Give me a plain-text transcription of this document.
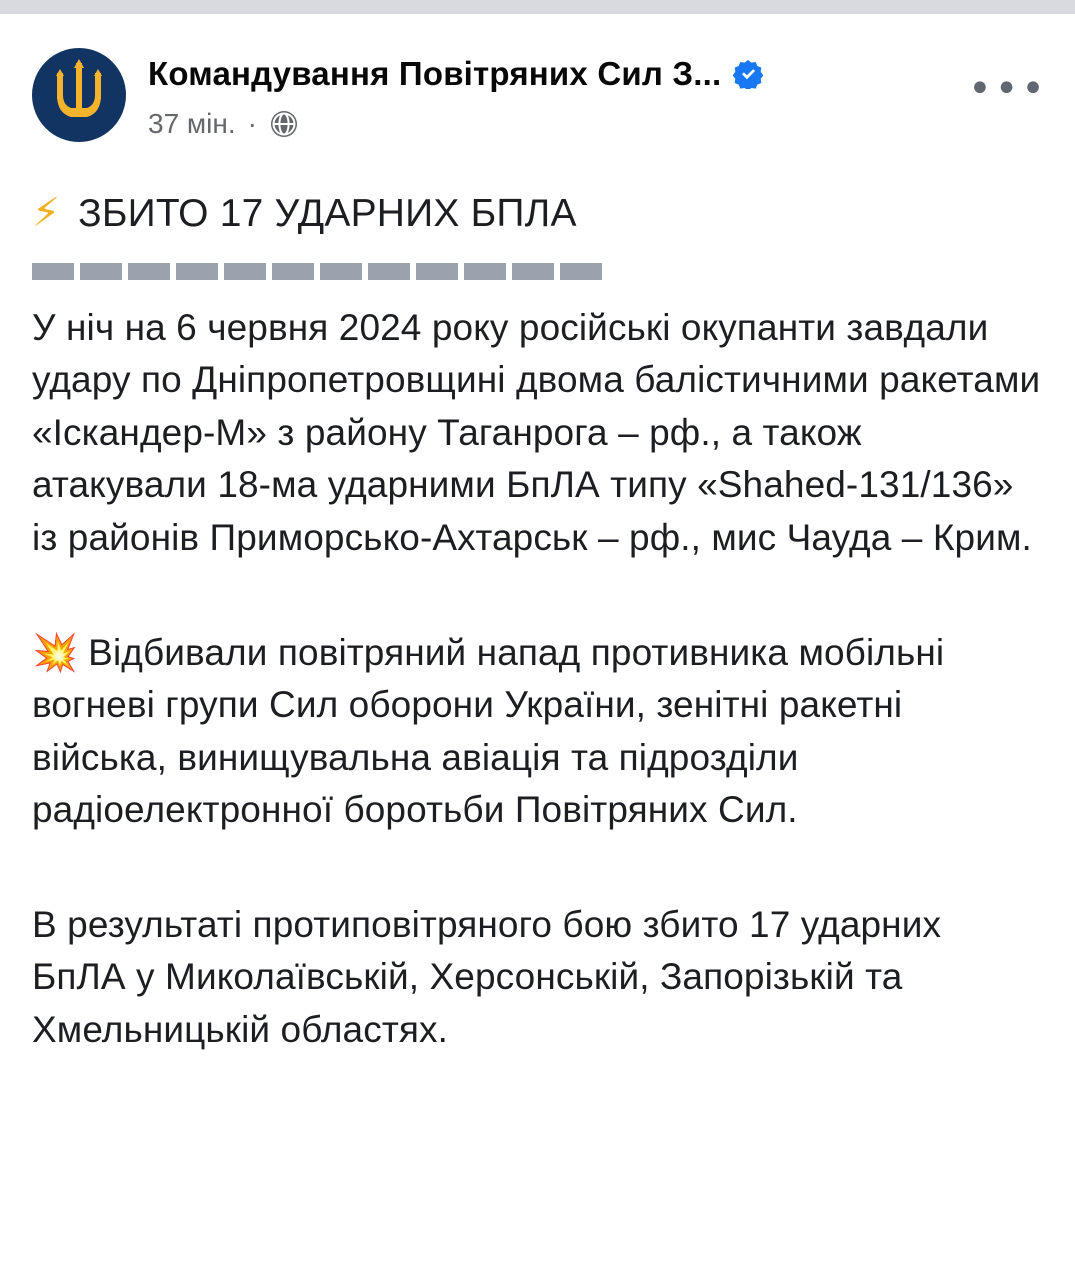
Командування Повітряних Сил З...
37 мін. ·
•••
⚡ ЗБИТО 17 УДАРНИХ БПЛА

У ніч на 6 червня 2024 року російські окупанти завдали удару по Дніпропетровщині двома балістичними ракетами «Іскандер-М» з району Таганрога – рф., а також атакували 18-ма ударними БпЛА типу «Shahed-131/136» із районів Приморсько-Ахтарськ – рф., мис Чауда – Крим.

💥 Відбивали повітряний напад противника мобільні вогневі групи Сил оборони України, зенітні ракетні війська, винищувальна авіація та підрозділи радіоелектронної боротьби Повітряних Сил.

В результаті протиповітряного бою збито 17 ударних БпЛА у Миколаївській, Херсонській, Запорізькій та Хмельницькій областях.
